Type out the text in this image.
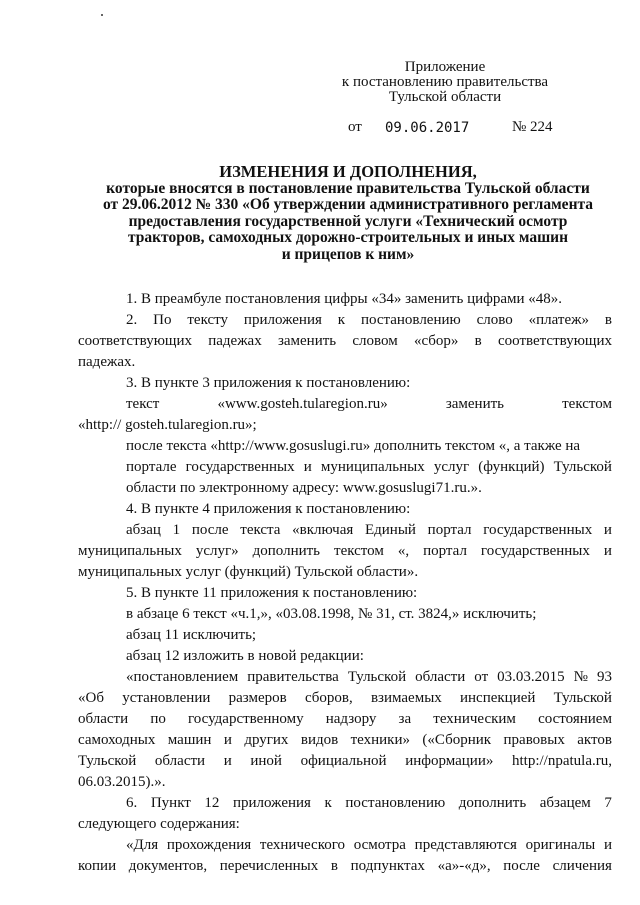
Приложение
к постановлению правительства
Тульской области
от 09.06.2017	№ 224
ИЗМЕНЕНИЯ И ДОПОЛНЕНИЯ,
которые вносятся в постановление правительства Тульской области
от 29.06.2012 № 330 «Об утверждении административного регламента
предоставления государственной услуги «Технический осмотр
тракторов, самоходных дорожно-строительных и иных машин
и прицепов к ним»
1. В преамбуле постановления цифры «34» заменить цифрами «48».
2. По тексту приложения к постановлению слово «платеж» в
соответствующих падежах заменить словом «сбор» в соответствующих
падежах.
3. В пункте 3 приложения к постановлению:
текст	«www.gosteh.tularegion.ru»	заменить	текстом
«http:// gosteh.tularegion.ru»;
после текста «http://www.gosuslugi.ru» дополнить текстом «, а также на
портале государственных и муниципальных услуг (функций) Тульской
области по электронному адресу: www.gosuslugi71.ru.».
4. В пункте 4 приложения к постановлению:
абзац 1 после текста «включая Единый портал государственных и
муниципальных услуг» дополнить текстом «, портал государственных и
муниципальных услуг (функций) Тульской области».
5. В пункте 11 приложения к постановлению:
в абзаце 6 текст «ч.1,», «03.08.1998, № 31, ст. 3824,» исключить;
абзац 11 исключить;
абзац 12 изложить в новой редакции:
«постановлением правительства Тульской области от 03.03.2015 № 93
«Об установлении размеров сборов, взимаемых инспекцией Тульской
области по государственному надзору за техническим состоянием
самоходных машин и других видов техники» («Сборник правовых актов
Тульской области и иной официальной информации» http://npatula.ru,
06.03.2015).».
6. Пункт 12 приложения к постановлению дополнить абзацем 7
следующего содержания:
«Для прохождения технического осмотра представляются оригиналы и
копии документов, перечисленных в подпунктах «а»-«д», после сличения
